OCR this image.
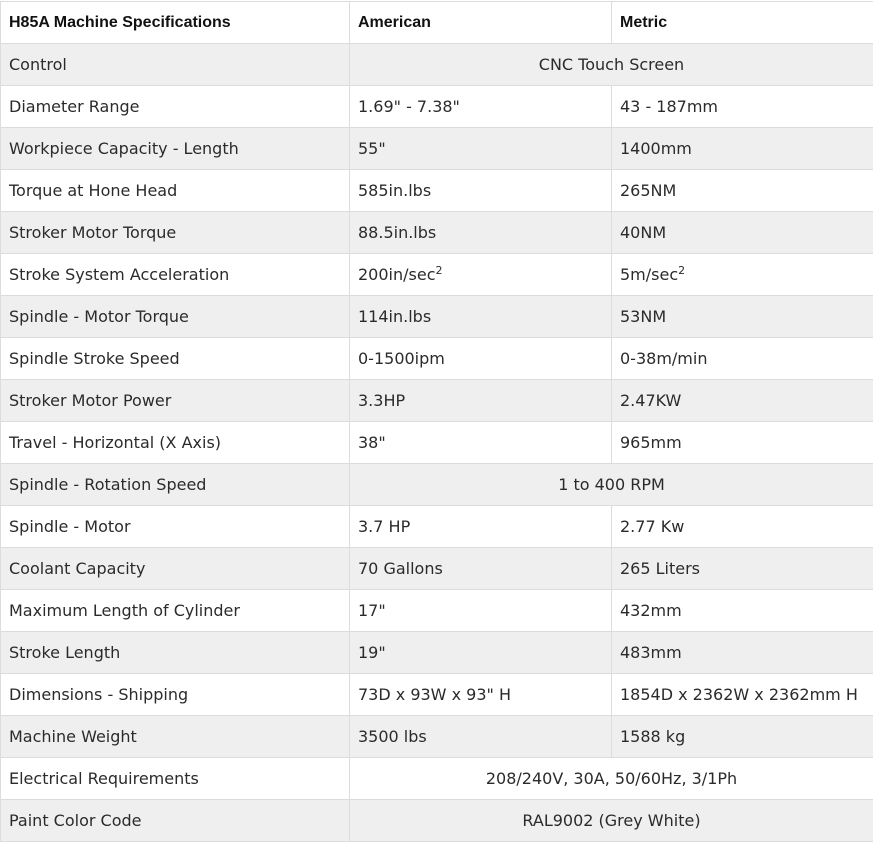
H85A Machine Specifications	American	Metric
Control	CNC Touch Screen	
Diameter Range	1.69" - 7.38"	43 - 187mm
Workpiece Capacity - Length	55"	1400mm
Torque at Hone Head	585in.lbs	265NM
Stroker Motor Torque	88.5in.lbs	40NM
Stroke System Acceleration	$200in/\sec^2$	$5m/\sec^2$
Spindle - Motor Torque	114in.lbs	53NM
Spindle Stroke Speed	0-1500ipm	0-38m/min
Stroker Motor Power	3.3HP	2.47KW
Travel - Horizontal (X Axis)	38"	965mm
Spindle - Rotation Speed	1 to 400 RPM	
Spindle - Motor	3.7 HP	2.77 Kw
Coolant Capacity	70 Gallons	265 Liters
Maximum Length of Cylinder	17"	432mm
Stroke Length	19"	483mm
Dimensions - Shipping	73D x 93W x 93" H	1854D x 2362W x 2362mm H
Machine Weight	3500 lbs	1588 kg
Electrical Requirements	208/240V, 30A, 50/60Hz, 3/1Ph	
Paint Color Code	RAL9002 (Grey White)	
